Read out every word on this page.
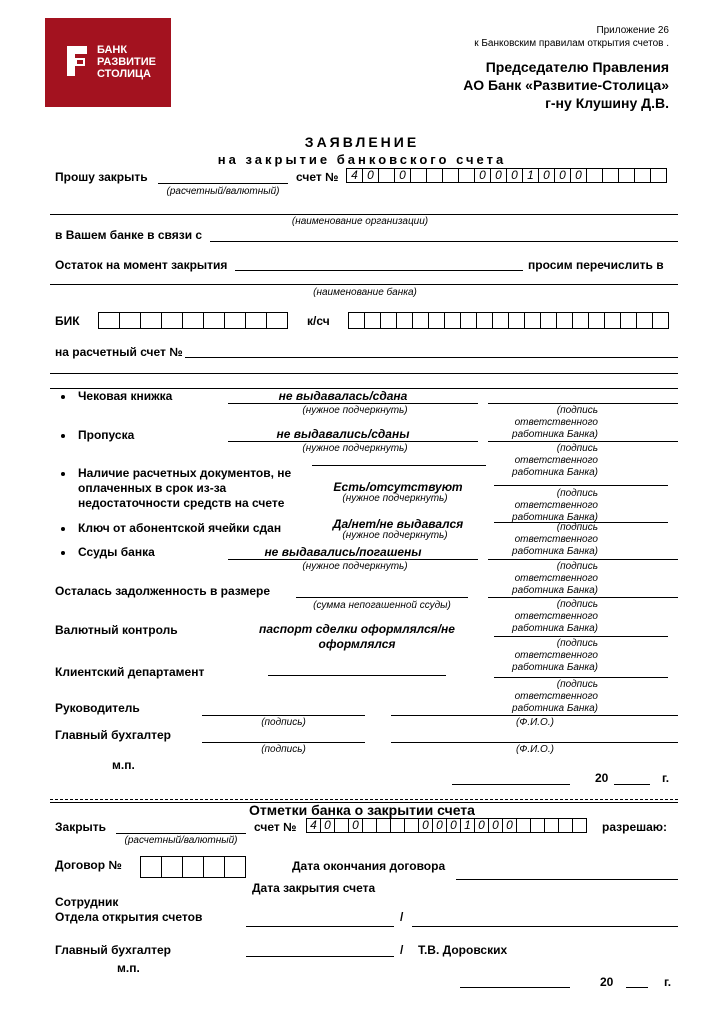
БАНК
РАЗВИТИЕ
СТОЛИЦА
Приложение 26
к Банковским правилам открытия счетов .
Председателю Правления
АО Банк «Развитие-Столица»
г-ну Клушину Д.В.
ЗАЯВЛЕНИЕ
на закрытие банковского счета
Прошу закрыть
(расчетный/валютный)
счет №	4 0	0	0 0 0 1 0 0 0
(наименование организации)
в Вашем банке в связи с
Остаток на момент закрытия	просим перечислить в
(наименование банка)
БИК	к/сч
на расчетный счет №
Чековая книжка	не выдавалась/сдана
(нужное подчеркнуть)	(подпись ответственного работника Банка)
Пропуска	не выдавались/сданы
(нужное подчеркнуть)	(подпись ответственного работника Банка)
Наличие расчетных документов, не
оплаченных в срок из-за
недостаточности средств на счете
Есть/отсутствуют
(нужное подчеркнуть)	(подпись ответственного работника Банка)
Ключ от абонентской ячейки сдан	Да/нет/не выдавался
(нужное подчеркнуть)
(подпись ответственного работника Банка)
Ссуды банка	не выдавались/погашены
(нужное подчеркнуть)	(подпись ответственного работника Банка)
Осталась задолженность в размере
(сумма непогашенной ссуды)	(подпись ответственного работника Банка)
Валютный контроль	паспорт сделки оформлялся/не
оформлялся	(подпись ответственного работника Банка)
Клиентский департамент
(подпись ответственного работника Банка)
Руководитель
(подпись)	(Ф.И.О.)
Главный бухгалтер
(подпись)	(Ф.И.О.)
м.п.
20	г.
Отметки банка о закрытии счета
Закрыть
(расчетный/валютный)
счет №	4 0	0	0 0 0 1 0 0 0	разрешаю:
Договор №	Дата окончания договора
Дата закрытия счета
Сотрудник
Отдела открытия счетов	/
Главный бухгалтер	/ Т.В. Доровских
м.п.
20	г.
